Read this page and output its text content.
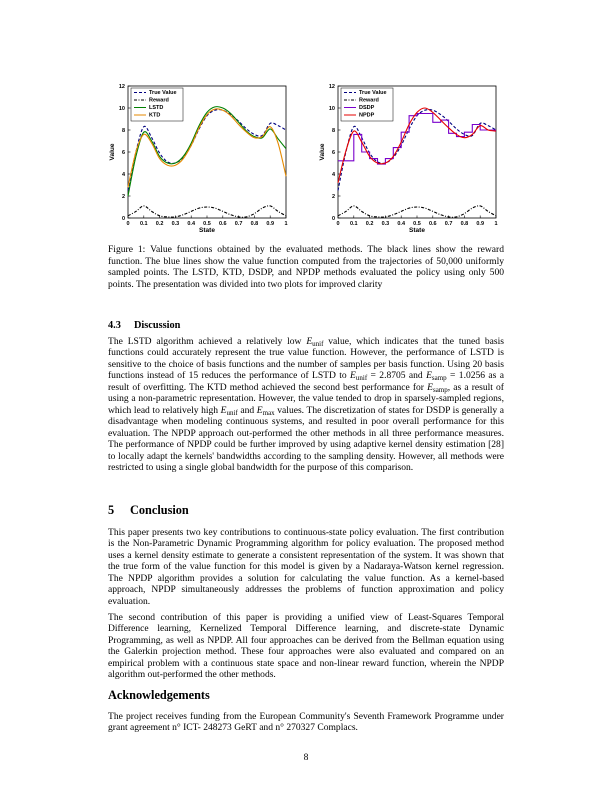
0 0.1 0.2 0.3 0.4 0.5 0.6 0.7 0.8 0.9 1
0
2
4
6
8
10
12
State
Value
True Value
Reward
LSTD
KTD
0 0.1 0.2 0.3 0.4 0.5 0.6 0.7 0.8 0.9 1
0
2
4
6
8
10
12
State
Value
True Value
Reward
DSDP
NPDP

Figure 1: Value functions obtained by the evaluated methods. The black lines show the reward function. The blue lines show the value function computed from the trajectories of 50,000 uniformly sampled points. The LSTD, KTD, DSDP, and NPDP methods evaluated the policy using only 500 points. The presentation was divided into two plots for improved clarity

4.3 Discussion

The LSTD algorithm achieved a relatively low $E_{unif}$ value, which indicates that the tuned basis functions could accurately represent the true value function. However, the performance of LSTD is sensitive to the choice of basis functions and the number of samples per basis function. Using 20 basis functions instead of 15 reduces the performance of LSTD to $E_{unif} = 2.8705$ and $E_{samp} = 1.0256$ as a result of overfitting. The KTD method achieved the second best performance for $E_{samp}$, as a result of using a non-parametric representation. However, the value tended to drop in sparsely-sampled regions, which lead to relatively high $E_{unif}$ and $E_{max}$ values. The discretization of states for DSDP is generally a disadvantage when modeling continuous systems, and resulted in poor overall performance for this evaluation. The NPDP approach out-performed the other methods in all three performance measures. The performance of NPDP could be further improved by using adaptive kernel density estimation [28] to locally adapt the kernels' bandwidths according to the sampling density. However, all methods were restricted to using a single global bandwidth for the purpose of this comparison.

5 Conclusion

This paper presents two key contributions to continuous-state policy evaluation. The first contribution is the Non-Parametric Dynamic Programming algorithm for policy evaluation. The proposed method uses a kernel density estimate to generate a consistent representation of the system. It was shown that the true form of the value function for this model is given by a Nadaraya-Watson kernel regression. The NPDP algorithm provides a solution for calculating the value function. As a kernel-based approach, NPDP simultaneously addresses the problems of function approximation and policy evaluation.

The second contribution of this paper is providing a unified view of Least-Squares Temporal Difference learning, Kernelized Temporal Difference learning, and discrete-state Dynamic Programming, as well as NPDP. All four approaches can be derived from the Bellman equation using the Galerkin projection method. These four approaches were also evaluated and compared on an empirical problem with a continuous state space and non-linear reward function, wherein the NPDP algorithm out-performed the other methods.

Acknowledgements

The project receives funding from the European Community's Seventh Framework Programme under grant agreement n° ICT- 248273 GeRT and n° 270327 Complacs.

8
